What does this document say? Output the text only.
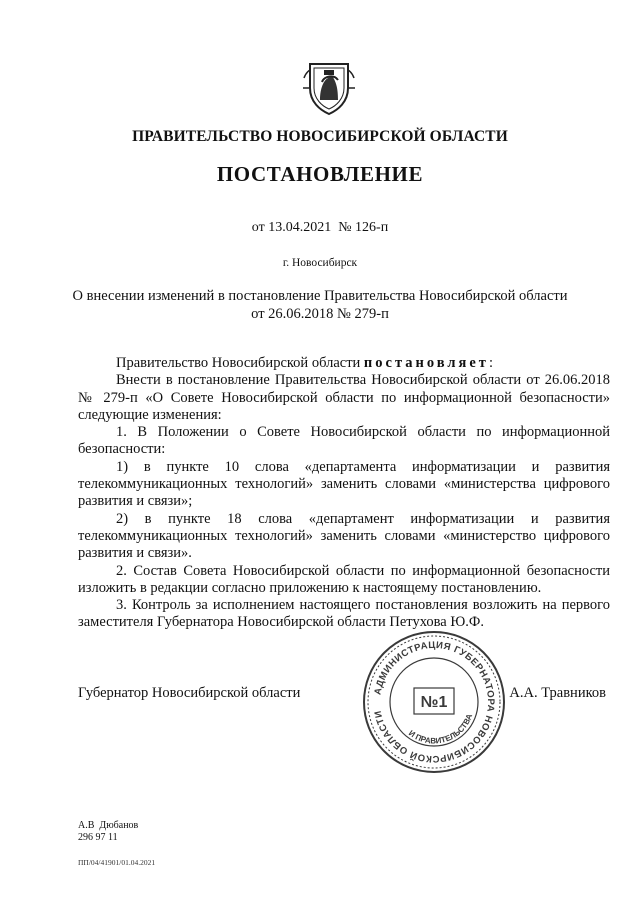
ПРАВИТЕЛЬСТВО НОВОСИБИРСКОЙ ОБЛАСТИ
ПОСТАНОВЛЕНИЕ
от 13.04.2021  № 126-п
г. Новосибирск
О внесении изменений в постановление Правительства Новосибирской области
от 26.06.2018 № 279-п

Правительство Новосибирской области постановляет:

Внести в постановление Правительства Новосибирской области от 26.06.2018 № 279-п «О Совете Новосибирской области по информационной безопасности» следующие изменения:

1. В Положении о Совете Новосибирской области по информационной безопасности:

1) в пункте 10 слова «департамента информатизации и развития телекоммуникационных технологий» заменить словами «министерства цифрового развития и связи»;

2) в пункте 18 слова «департамент информатизации и развития телекоммуникационных технологий» заменить словами «министерство цифрового развития и связи».

2. Состав Совета Новосибирской области по информационной безопасности изложить в редакции согласно приложению к настоящему постановлению.

3. Контроль за исполнением настоящего постановления возложить на первого заместителя Губернатора Новосибирской области Петухова Ю.Ф.

Губернатор Новосибирской области	А.А. Травников
АДМИНИСТРАЦИЯ ГУБЕРНАТОРА НОВОСИБИРСКОЙ ОБЛАСТИ
И ПРАВИТЕЛЬСТВА
№1
А.В  Дюбанов
296 97 11
ПП/04/41901/01.04.2021
